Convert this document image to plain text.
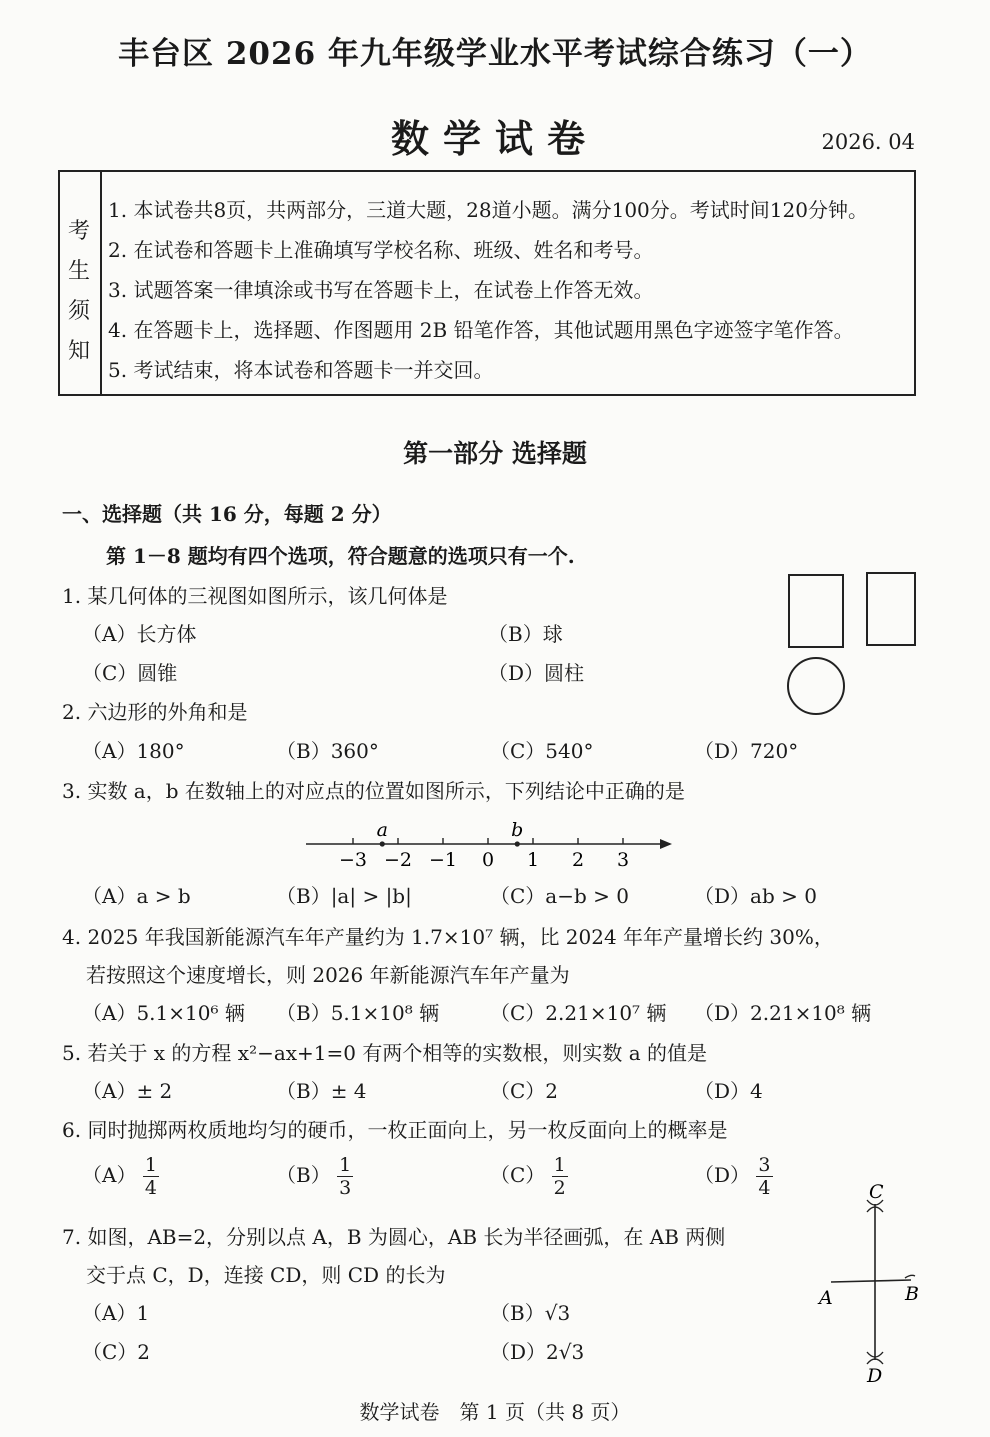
丰台区 2026 年九年级学业水平考试综合练习（一）
数学试卷	2026. 04
考
生
须
知
1. 本试卷共8页，共两部分，三道大题，28道小题。满分100分。考试时间120分钟。
2. 在试卷和答题卡上准确填写学校名称、班级、姓名和考号。
3. 试题答案一律填涂或书写在答题卡上，在试卷上作答无效。
4. 在答题卡上，选择题、作图题用 2B 铅笔作答，其他试题用黑色字迹签字笔作答。
5. 考试结束，将本试卷和答题卡一并交回。
第一部分 选择题
一、选择题（共 16 分，每题 2 分）
第 1－8 题均有四个选项，符合题意的选项只有一个.
1. 某几何体的三视图如图所示，该几何体是
（A）长方体	（B）球
（C）圆锥	（D）圆柱
2. 六边形的外角和是
（A）180°	（B）360°	（C）540°	（D）720°
3. 实数 a，b 在数轴上的对应点的位置如图所示，下列结论中正确的是
−3 −2 −1 0 1 2 3
a	b
（A）a > b	（B）|a| > |b|	（C）a−b > 0	（D）ab > 0
4. 2025 年我国新能源汽车年产量约为 1.7×10⁷ 辆，比 2024 年年产量增长约 30%，
若按照这个速度增长，则 2026 年新能源汽车年产量为
（A）5.1×10⁶ 辆 （B）5.1×10⁸ 辆	（C）2.21×10⁷ 辆 （D）2.21×10⁸ 辆
5. 若关于 x 的方程 x²−ax+1=0 有两个相等的实数根，则实数 a 的值是
（A）± 2	（B）± 4	（C）2	（D）4
6. 同时抛掷两枚质地均匀的硬币，一枚正面向上，另一枚反面向上的概率是
$(A) \frac{1}{4}$	$(B) \frac{1}{3}$	$(C) \frac{1}{2}$	$(D) \frac{3}{4}$
7. 如图，AB=2，分别以点 A，B 为圆心，AB 长为半径画弧，在 AB 两侧
交于点 C，D，连接 CD，则 CD 的长为
（A）1	（B）√3
（C）2	（D）2√3
C
D
A	B
数学试卷　第 1 页（共 8 页）
